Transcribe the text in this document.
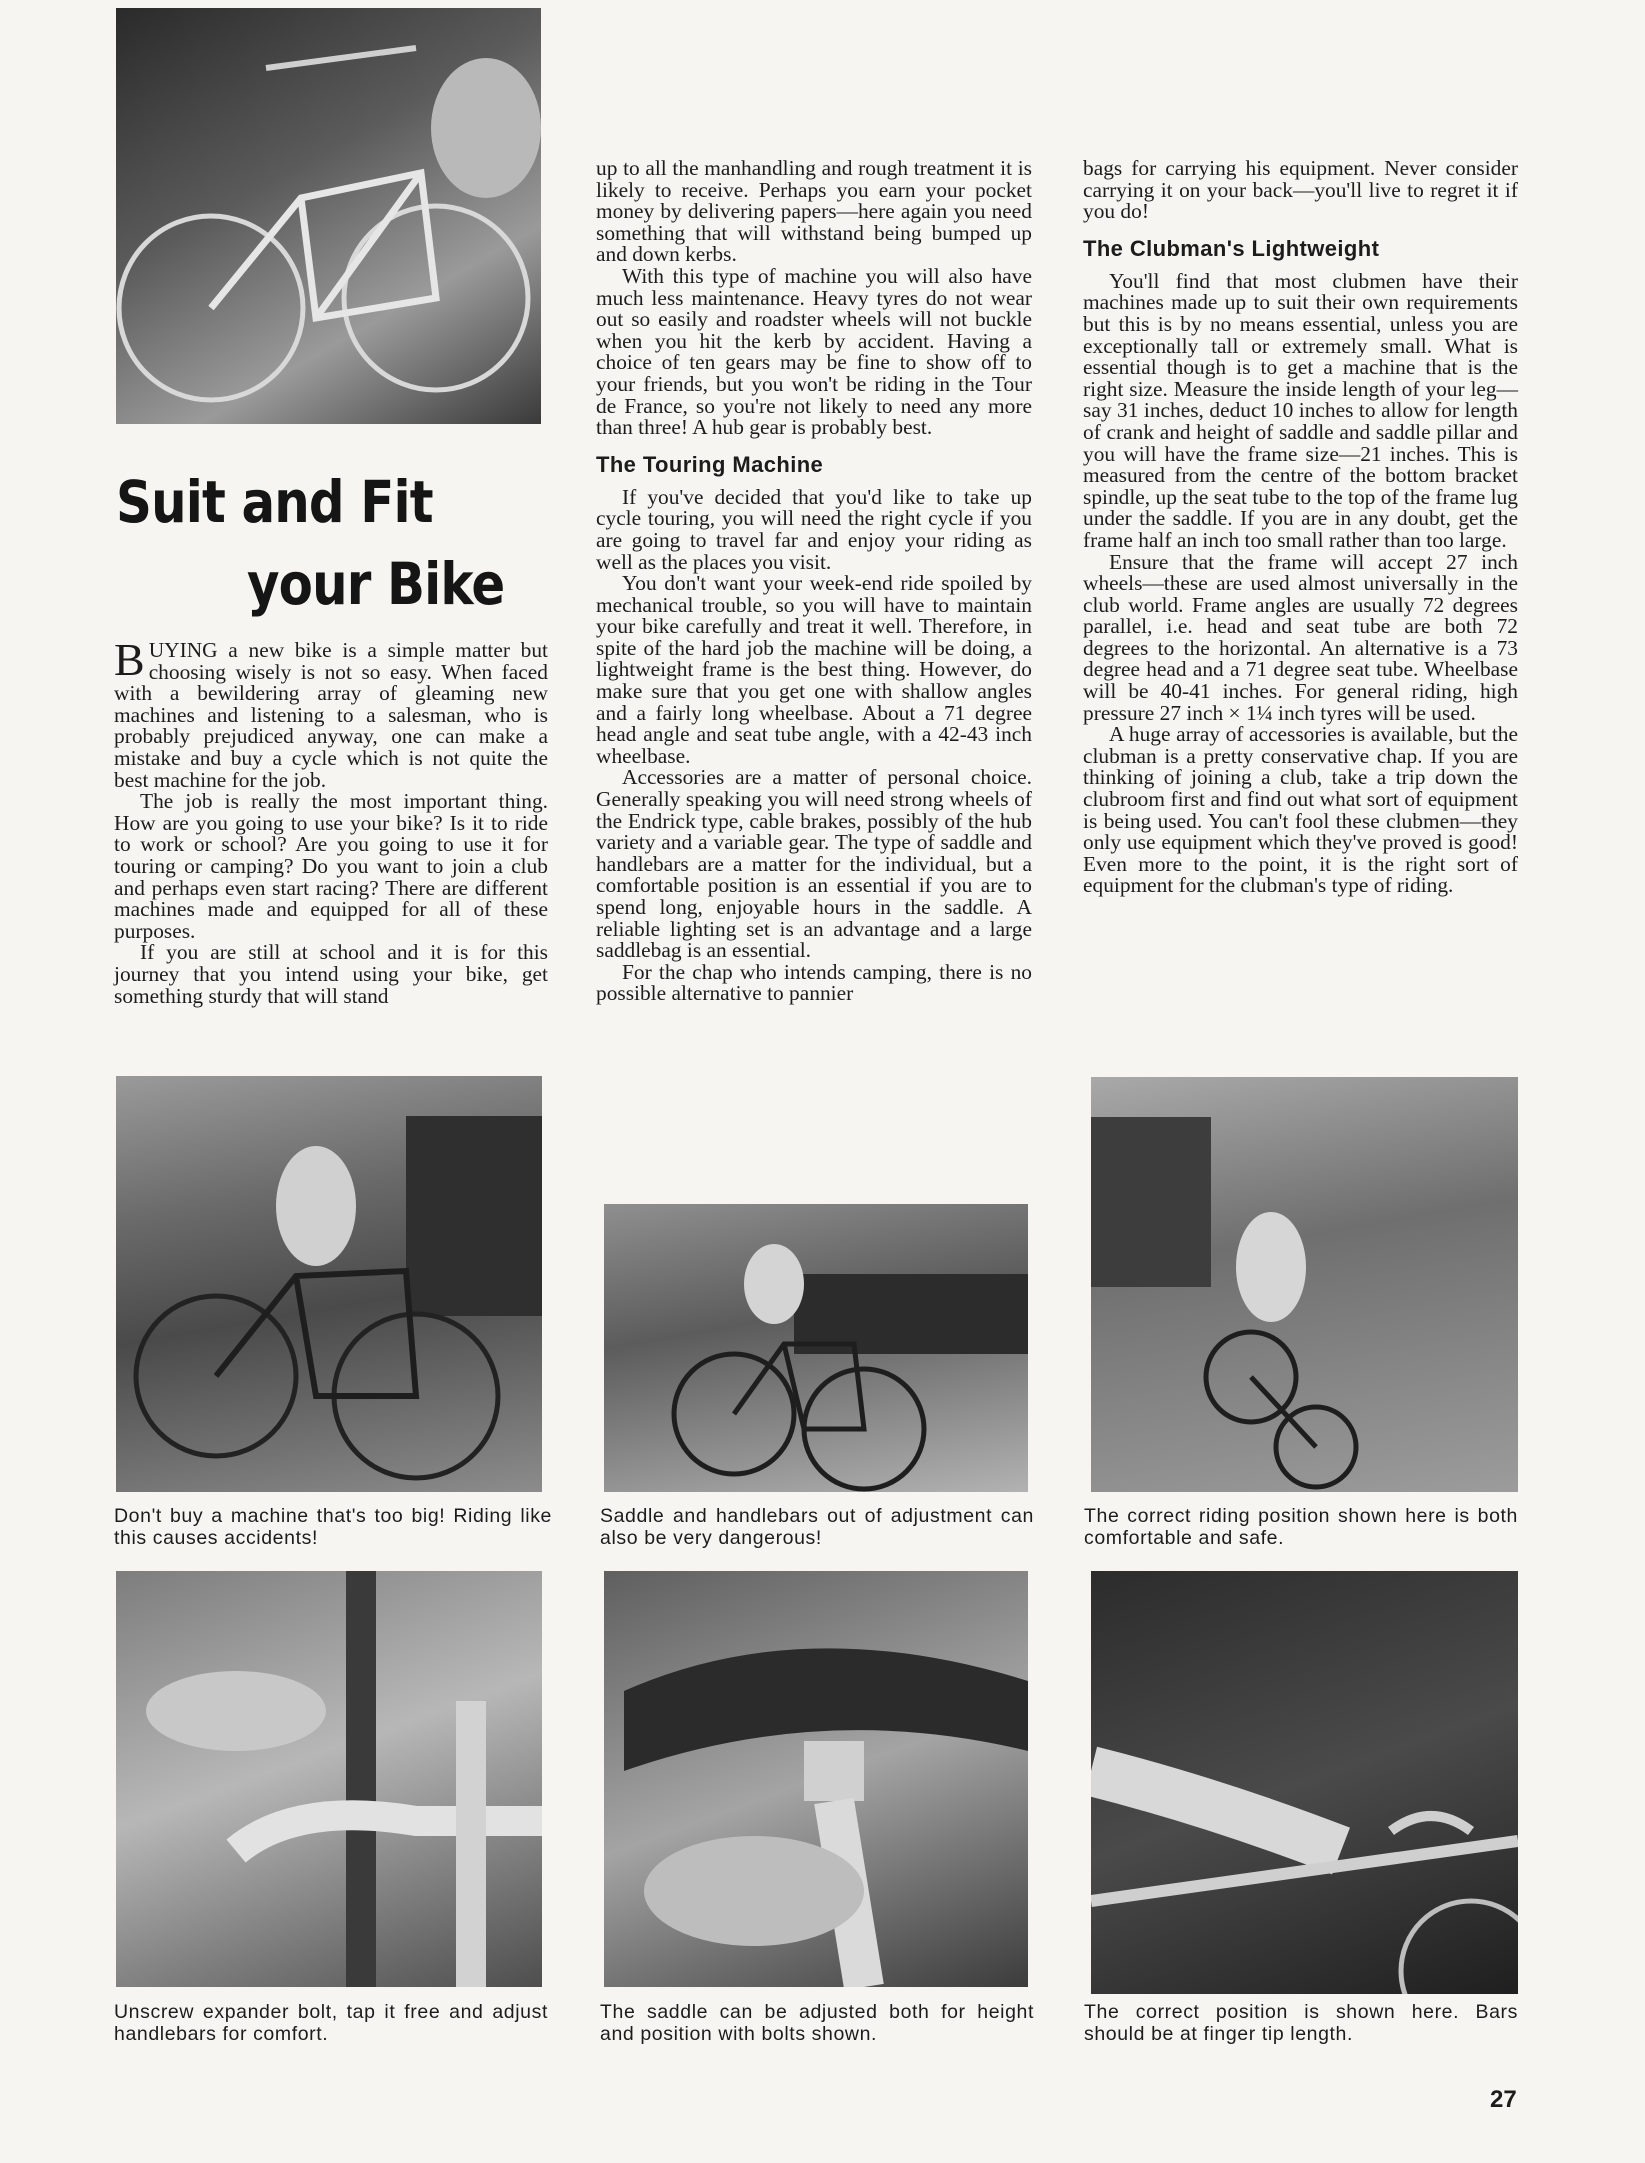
Suit and Fit
your Bike

BUYING a new bike is a simple matter but choosing wisely is not so easy. When faced with a bewildering array of gleaming new machines and listening to a salesman, who is probably prejudiced anyway, one can make a mistake and buy a cycle which is not quite the best machine for the job.

The job is really the most important thing. How are you going to use your bike? Is it to ride to work or school? Are you going to use it for touring or camping? Do you want to join a club and perhaps even start racing? There are different machines made and equipped for all of these purposes.

If you are still at school and it is for this journey that you intend using your bike, get something sturdy that will stand

up to all the manhandling and rough treatment it is likely to receive. Perhaps you earn your pocket money by delivering papers—here again you need something that will withstand being bumped up and down kerbs.

With this type of machine you will also have much less maintenance. Heavy tyres do not wear out so easily and roadster wheels will not buckle when you hit the kerb by accident. Having a choice of ten gears may be fine to show off to your friends, but you won't be riding in the Tour de France, so you're not likely to need any more than three! A hub gear is probably best.

The Touring Machine

If you've decided that you'd like to take up cycle touring, you will need the right cycle if you are going to travel far and enjoy your riding as well as the places you visit.

You don't want your week-end ride spoiled by mechanical trouble, so you will have to maintain your bike carefully and treat it well. Therefore, in spite of the hard job the machine will be doing, a lightweight frame is the best thing. However, do make sure that you get one with shallow angles and a fairly long wheelbase. About a 71 degree head angle and seat tube angle, with a 42-43 inch wheelbase.

Accessories are a matter of personal choice. Generally speaking you will need strong wheels of the Endrick type, cable brakes, possibly of the hub variety and a variable gear. The type of saddle and handlebars are a matter for the individual, but a comfortable position is an essential if you are to spend long, enjoyable hours in the saddle. A reliable lighting set is an advantage and a large saddlebag is an essential.

For the chap who intends camping, there is no possible alternative to pannier

bags for carrying his equipment. Never consider carrying it on your back—you'll live to regret it if you do!

The Clubman's Lightweight

You'll find that most clubmen have their machines made up to suit their own requirements but this is by no means essential, unless you are exceptionally tall or extremely small. What is essential though is to get a machine that is the right size. Measure the inside length of your leg—say 31 inches, deduct 10 inches to allow for length of crank and height of saddle and saddle pillar and you will have the frame size—21 inches. This is measured from the centre of the bottom bracket spindle, up the seat tube to the top of the frame lug under the saddle. If you are in any doubt, get the frame half an inch too small rather than too large.

Ensure that the frame will accept 27 inch wheels—these are used almost universally in the club world. Frame angles are usually 72 degrees parallel, i.e. head and seat tube are both 72 degrees to the horizontal. An alternative is a 73 degree head and a 71 degree seat tube. Wheelbase will be 40-41 inches. For general riding, high pressure 27 inch × 1¼ inch tyres will be used.

A huge array of accessories is available, but the clubman is a pretty conservative chap. If you are thinking of joining a club, take a trip down the clubroom first and find out what sort of equipment is being used. You can't fool these clubmen—they only use equipment which they've proved is good! Even more to the point, it is the right sort of equipment for the clubman's type of riding.

Don't buy a machine that's too big! Riding like this causes accidents!
Saddle and handlebars out of adjustment can also be very dangerous!
The correct riding position shown here is both comfortable and safe.
Unscrew expander bolt, tap it free and adjust handlebars for comfort.
The saddle can be adjusted both for height and position with bolts shown.
The correct position is shown here. Bars should be at finger tip length.
27
